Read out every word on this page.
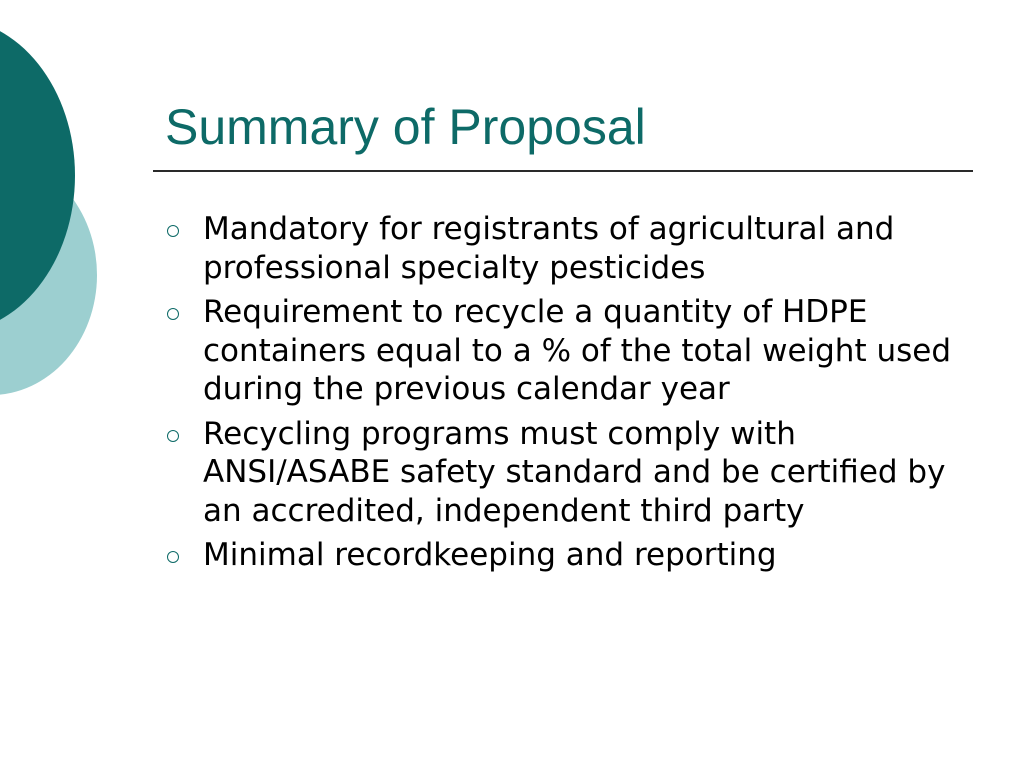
Summary of Proposal
Mandatory for registrants of agricultural and professional specialty pesticides
Requirement to recycle a quantity of HDPE containers equal to a % of the total weight used during the previous calendar year
Recycling programs must comply with ANSI/ASABE safety standard and be certified by an accredited, independent third party
Minimal recordkeeping and reporting
